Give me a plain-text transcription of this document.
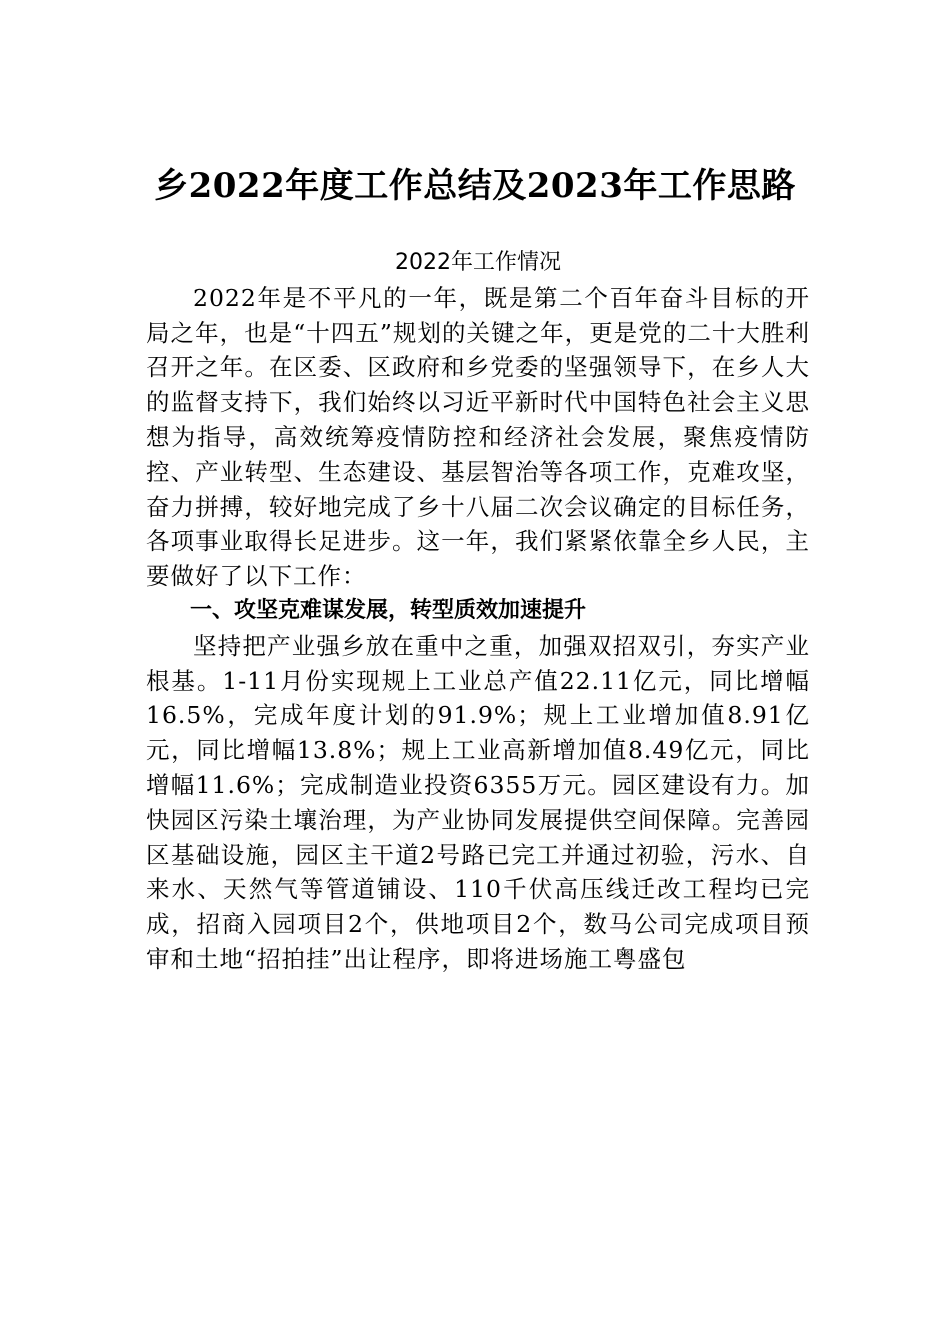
乡2022年度工作总结及2023年工作思路

2022年工作情况

2022年是不平凡的一年，既是第二个百年奋斗目标的开局之年，也是“十四五”规划的关键之年，更是党的二十大胜利召开之年。在区委、区政府和乡党委的坚强领导下，在乡人大的监督支持下，我们始终以习近平新时代中国特色社会主义思想为指导，高效统筹疫情防控和经济社会发展，聚焦疫情防控、产业转型、生态建设、基层智治等各项工作，克难攻坚，奋力拼搏，较好地完成了乡十八届二次会议确定的目标任务，各项事业取得长足进步。这一年，我们紧紧依靠全乡人民，主要做好了以下工作：

一、攻坚克难谋发展，转型质效加速提升

坚持把产业强乡放在重中之重，加强双招双引，夯实产业根基。1-11月份实现规上工业总产值22.11亿元，同比增幅16.5%，完成年度计划的91.9%；规上工业增加值8.91亿元，同比增幅13.8%；规上工业高新增加值8.49亿元，同比增幅11.6%；完成制造业投资6355万元。园区建设有力。加快园区污染土壤治理，为产业协同发展提供空间保障。完善园区基础设施，园区主干道2号路已完工并通过初验，污水、自来水、天然气等管道铺设、110千伏高压线迁改工程均已完成，招商入园项目2个，供地项目2个，数马公司完成项目预审和土地“招拍挂”出让程序，即将进场施工粤盛包
